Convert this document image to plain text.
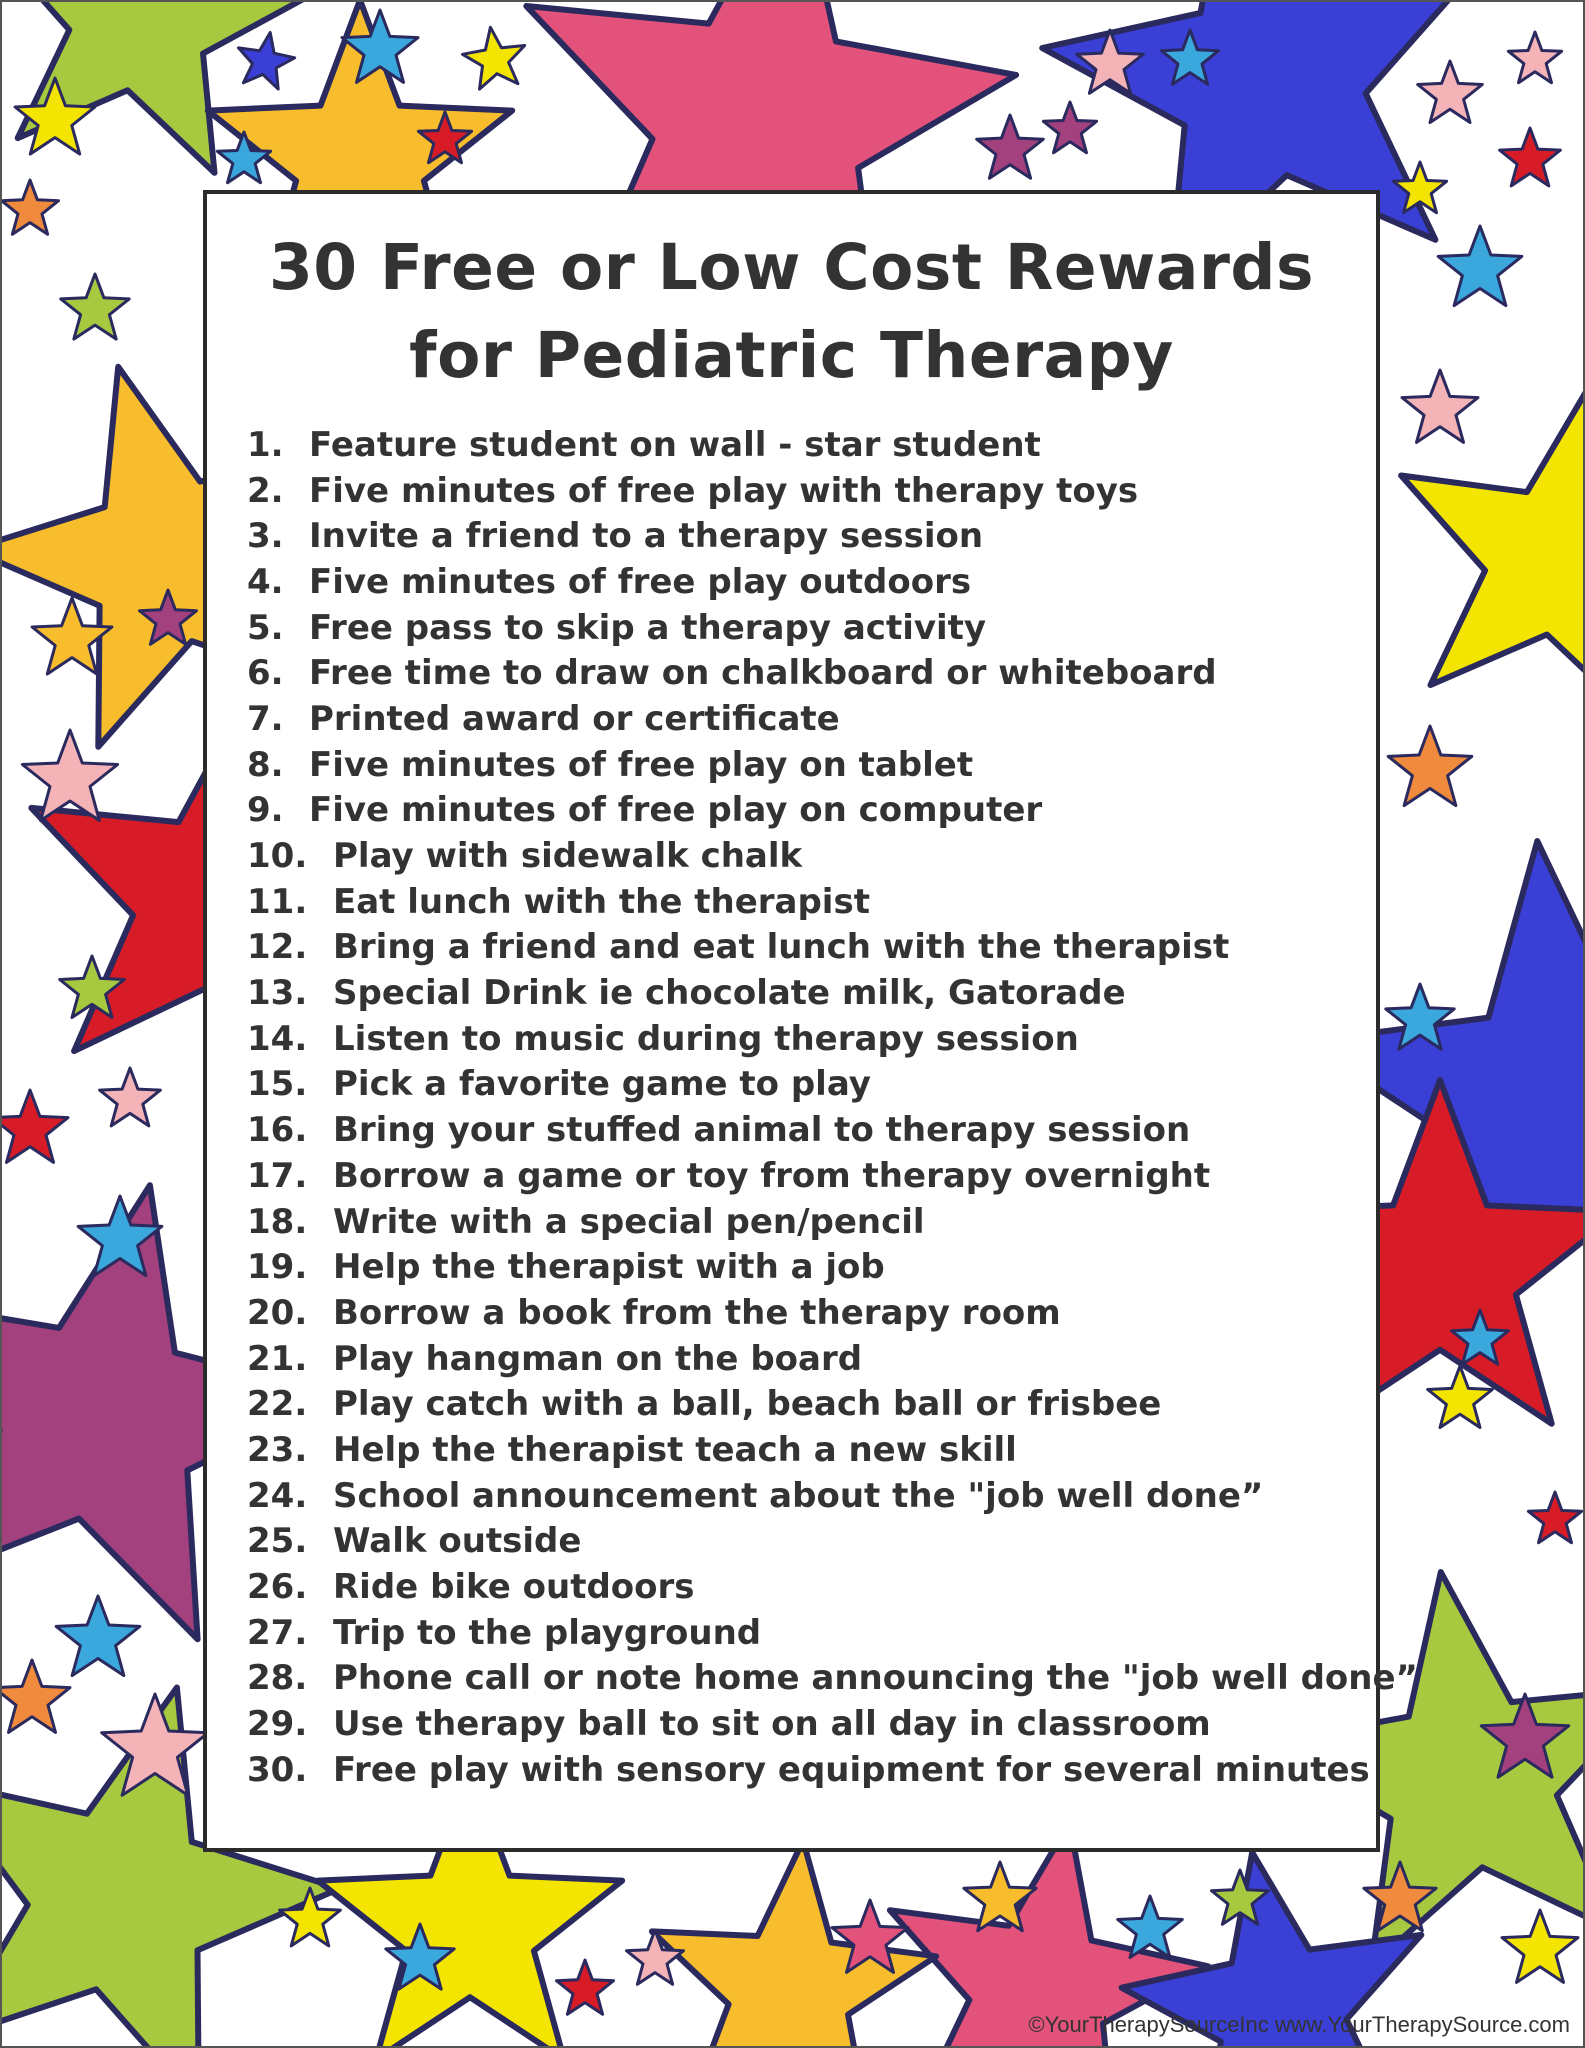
30 Free or Low Cost Rewards
for Pediatric Therapy
1. Feature student on wall - star student
2. Five minutes of free play with therapy toys
3. Invite a friend to a therapy session
4. Five minutes of free play outdoors
5. Free pass to skip a therapy activity
6. Free time to draw on chalkboard or whiteboard
7. Printed award or certificate
8. Five minutes of free play on tablet
9. Five minutes of free play on computer
10. Play with sidewalk chalk
11. Eat lunch with the therapist
12. Bring a friend and eat lunch with the therapist
13. Special Drink ie chocolate milk, Gatorade
14. Listen to music during therapy session
15. Pick a favorite game to play
16. Bring your stuffed animal to therapy session
17. Borrow a game or toy from therapy overnight
18. Write with a special pen/pencil
19. Help the therapist with a job
20. Borrow a book from the therapy room
21. Play hangman on the board
22. Play catch with a ball, beach ball or frisbee
23. Help the therapist teach a new skill
24. School announcement about the "job well done”
25. Walk outside
26. Ride bike outdoors
27. Trip to the playground
28. Phone call or note home announcing the "job well done”
29. Use therapy ball to sit on all day in classroom
30. Free play with sensory equipment for several minutes
©YourTherapySourceInc www.YourTherapySource.com
